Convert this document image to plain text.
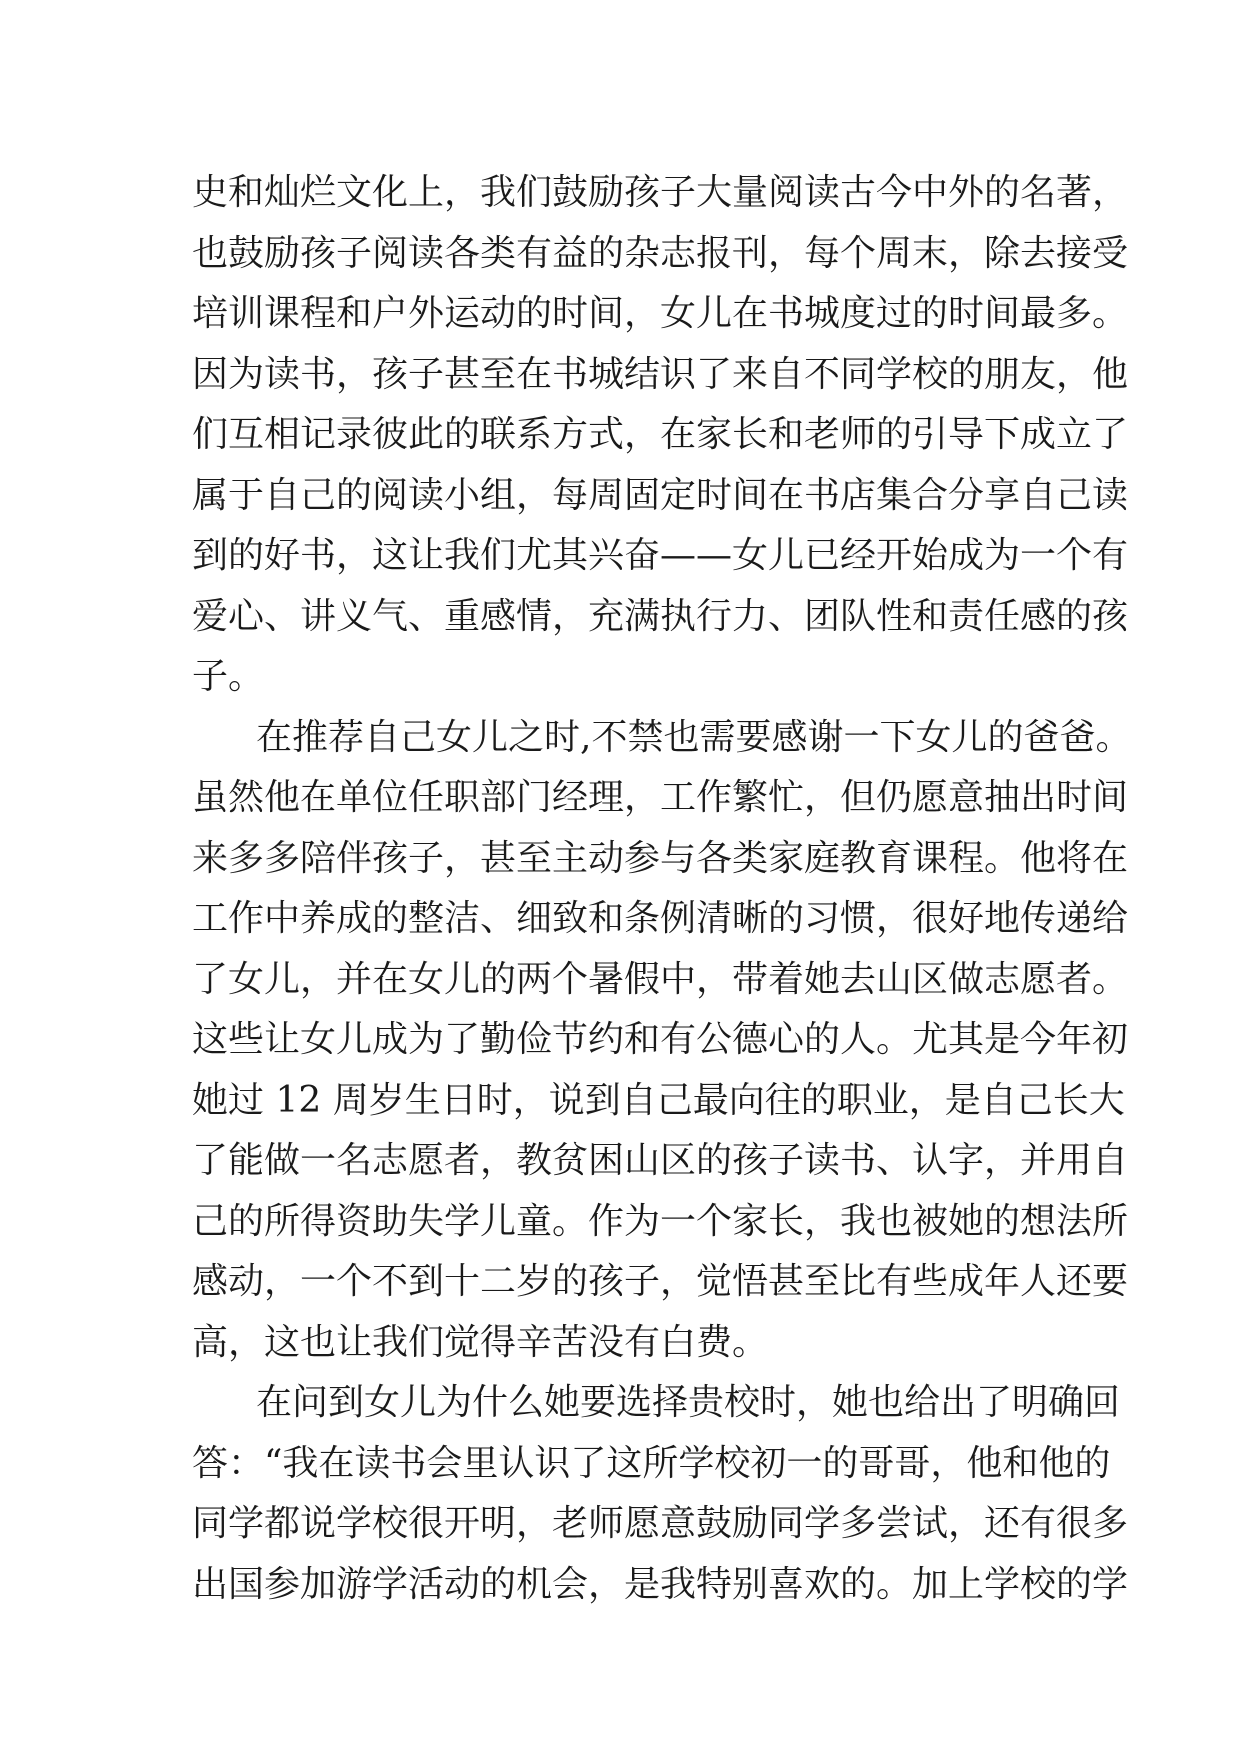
史和灿烂文化上，我们鼓励孩子大量阅读古今中外的名著，
也鼓励孩子阅读各类有益的杂志报刊，每个周末，除去接受
培训课程和户外运动的时间，女儿在书城度过的时间最多。
因为读书，孩子甚至在书城结识了来自不同学校的朋友，他
们互相记录彼此的联系方式，在家长和老师的引导下成立了
属于自己的阅读小组，每周固定时间在书店集合分享自己读
到的好书，这让我们尤其兴奋——女儿已经开始成为一个有
爱心、讲义气、重感情，充满执行力、团队性和责任感的孩
子。
在推荐自己女儿之时,不禁也需要感谢一下女儿的爸爸。
虽然他在单位任职部门经理，工作繁忙，但仍愿意抽出时间
来多多陪伴孩子，甚至主动参与各类家庭教育课程。他将在
工作中养成的整洁、细致和条例清晰的习惯，很好地传递给
了女儿，并在女儿的两个暑假中，带着她去山区做志愿者。
这些让女儿成为了勤俭节约和有公德心的人。尤其是今年初
她过 12 周岁生日时，说到自己最向往的职业，是自己长大
了能做一名志愿者，教贫困山区的孩子读书、认字，并用自
己的所得资助失学儿童。作为一个家长，我也被她的想法所
感动，一个不到十二岁的孩子，觉悟甚至比有些成年人还要
高，这也让我们觉得辛苦没有白费。
在问到女儿为什么她要选择贵校时，她也给出了明确回
答：“我在读书会里认识了这所学校初一的哥哥，他和他的
同学都说学校很开明，老师愿意鼓励同学多尝试，还有很多
出国参加游学活动的机会，是我特别喜欢的。加上学校的学
